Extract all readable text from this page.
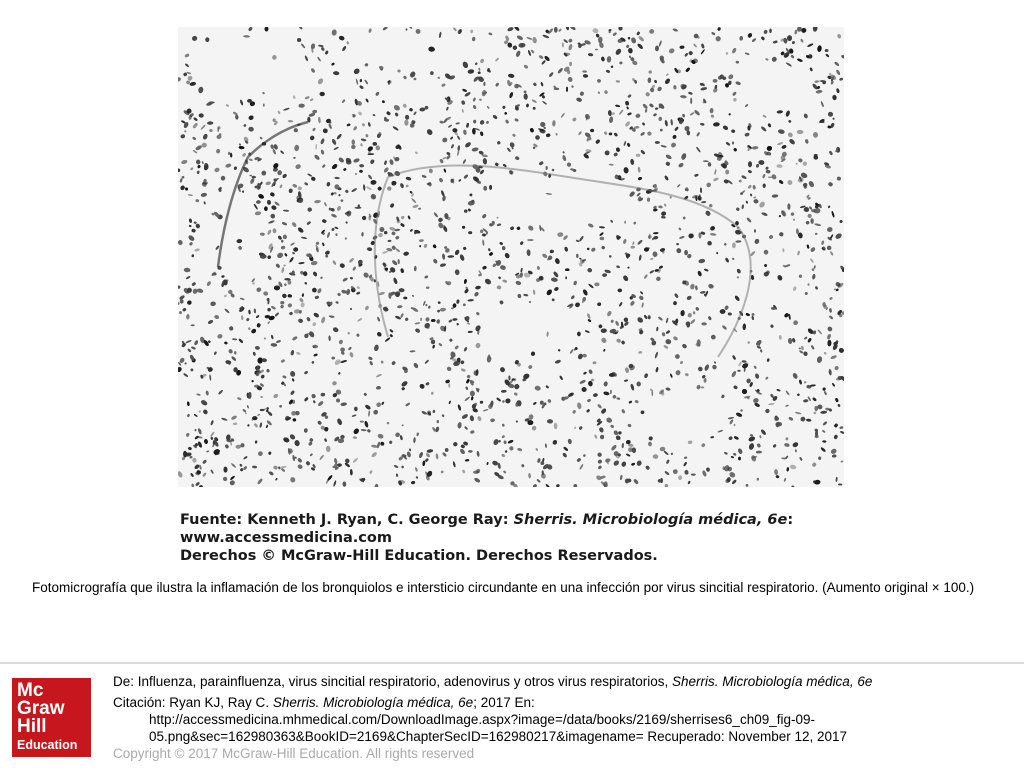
Fuente: Kenneth J. Ryan, C. George Ray: Sherris. Microbiología médica, 6e:
www.accessmedicina.com
Derechos © McGraw-Hill Education. Derechos Reservados.
Fotomicrografía que ilustra la inflamación de los bronquiolos e intersticio circundante en una infección por virus sincitial respiratorio. (Aumento original × 100.)
Mc
Graw
Hill
Education
De: Influenza, parainfluenza, virus sincitial respiratorio, adenovirus y otros virus respiratorios, Sherris. Microbiología médica, 6e
Citación: Ryan KJ, Ray C. Sherris. Microbiología médica, 6e; 2017 En:
http://accessmedicina.mhmedical.com/DownloadImage.aspx?image=/data/books/2169/sherrises6_ch09_fig-09-
05.png&sec=162980363&BookID=2169&ChapterSecID=162980217&imagename= Recuperado: November 12, 2017
Copyright © 2017 McGraw-Hill Education. All rights reserved
